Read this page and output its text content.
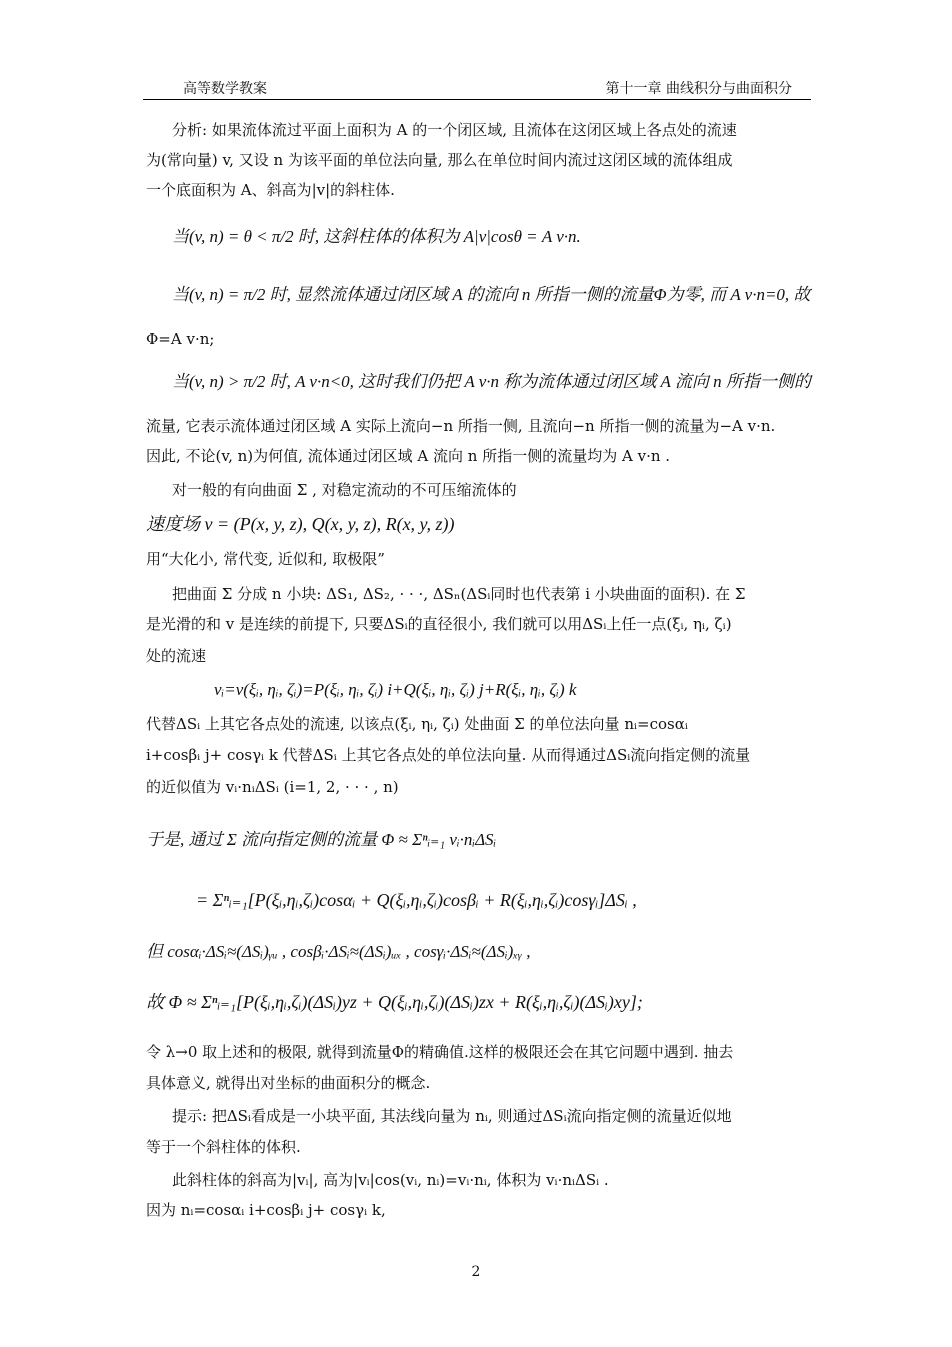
高等数学教案	第十一章 曲线积分与曲面积分
分析: 如果流体流过平面上面积为 A 的一个闭区域, 且流体在这闭区域上各点处的流速
为(常向量) v, 又设 n 为该平面的单位法向量, 那么在单位时间内流过这闭区域的流体组成
一个底面积为 A、斜高为|v|的斜柱体.
当(v, n) = θ < π/2 时, 这斜柱体的体积为 A|v|cosθ = A v·n.
当(v, n) = π/2 时, 显然流体通过闭区域 A 的流向 n 所指一侧的流量Φ为零, 而 A v·n=0, 故
Φ=A v·n;
当(v, n) > π/2 时, A v·n<0, 这时我们仍把 A v·n 称为流体通过闭区域 A 流向 n 所指一侧的
流量, 它表示流体通过闭区域 A 实际上流向−n 所指一侧, 且流向−n 所指一侧的流量为−A v·n.
因此, 不论(v, n)为何值, 流体通过闭区域 A 流向 n 所指一侧的流量均为 A v·n .
对一般的有向曲面 Σ , 对稳定流动的不可压缩流体的
速度场 v = (P(x, y, z), Q(x, y, z), R(x, y, z))
用“大化小, 常代变, 近似和, 取极限”
把曲面 Σ 分成 n 小块: ΔS₁, ΔS₂, · · ·, ΔSₙ(ΔSᵢ同时也代表第 i 小块曲面的面积). 在 Σ
是光滑的和 v 是连续的前提下, 只要ΔSᵢ的直径很小, 我们就可以用ΔSᵢ上任一点(ξᵢ, ηᵢ, ζᵢ)
处的流速
vᵢ=v(ξᵢ, ηᵢ, ζᵢ)=P(ξᵢ, ηᵢ, ζᵢ) i+Q(ξᵢ, ηᵢ, ζᵢ) j+R(ξᵢ, ηᵢ, ζᵢ) k
代替ΔSᵢ 上其它各点处的流速, 以该点(ξᵢ, ηᵢ, ζᵢ) 处曲面 Σ 的单位法向量 nᵢ=cosαᵢ
i+cosβᵢ j+ cosγᵢ k 代替ΔSᵢ 上其它各点处的单位法向量. 从而得通过ΔSᵢ流向指定侧的流量
的近似值为 vᵢ·nᵢΔSᵢ (i=1, 2, · · · , n)
于是, 通过 Σ 流向指定侧的流量 Φ ≈ Σⁿᵢ₌₁ vᵢ·nᵢΔSᵢ
= Σⁿᵢ₌₁[P(ξᵢ,ηᵢ,ζᵢ)cosαᵢ + Q(ξᵢ,ηᵢ,ζᵢ)cosβᵢ + R(ξᵢ,ηᵢ,ζᵢ)cosγᵢ]ΔSᵢ ,
但 cosαᵢ·ΔSᵢ≈(ΔSᵢ)ᵧᵤ , cosβᵢ·ΔSᵢ≈(ΔSᵢ)ᵤₓ , cosγᵢ·ΔSᵢ≈(ΔSᵢ)ₓᵧ ,
故 Φ ≈ Σⁿᵢ₌₁[P(ξᵢ,ηᵢ,ζᵢ)(ΔSᵢ)yz + Q(ξᵢ,ηᵢ,ζᵢ)(ΔSᵢ)zx + R(ξᵢ,ηᵢ,ζᵢ)(ΔSᵢ)xy];
令 λ→0 取上述和的极限, 就得到流量Φ的精确值.这样的极限还会在其它问题中遇到. 抽去
具体意义, 就得出对坐标的曲面积分的概念.
提示: 把ΔSᵢ看成是一小块平面, 其法线向量为 nᵢ, 则通过ΔSᵢ流向指定侧的流量近似地
等于一个斜柱体的体积.
此斜柱体的斜高为|vᵢ|, 高为|vᵢ|cos(vᵢ, nᵢ)=vᵢ·nᵢ, 体积为 vᵢ·nᵢΔSᵢ .
因为 nᵢ=cosαᵢ i+cosβᵢ j+ cosγᵢ k,
2
